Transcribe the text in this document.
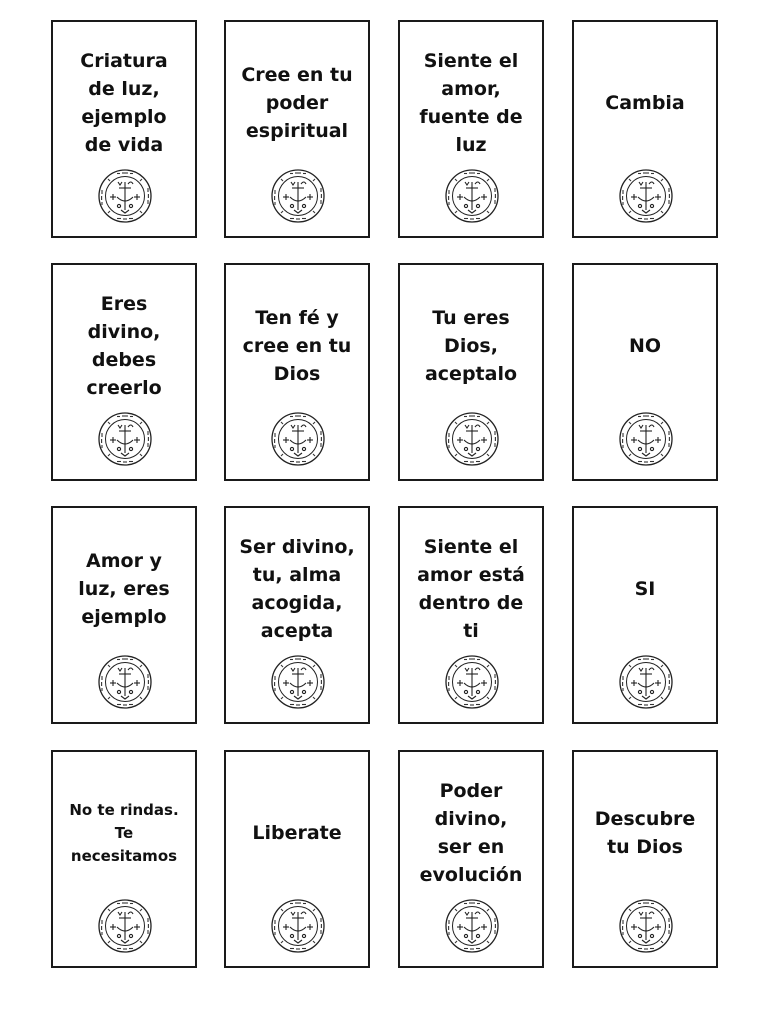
Criatura
de luz,
ejemplo
de vida
Cree en tu
poder
espiritual
Siente el
amor,
fuente de
luz
Cambia
Eres
divino,
debes
creerlo
Ten fé y
cree en tu
Dios
Tu eres
Dios,
aceptalo
NO
Amor y
luz, eres
ejemplo
Ser divino,
tu, alma
acogida,
acepta
Siente el
amor está
dentro de
ti
SI
No te rindas.
Te
necesitamos
Liberate
Poder
divino,
ser en
evolución
Descubre
tu Dios
